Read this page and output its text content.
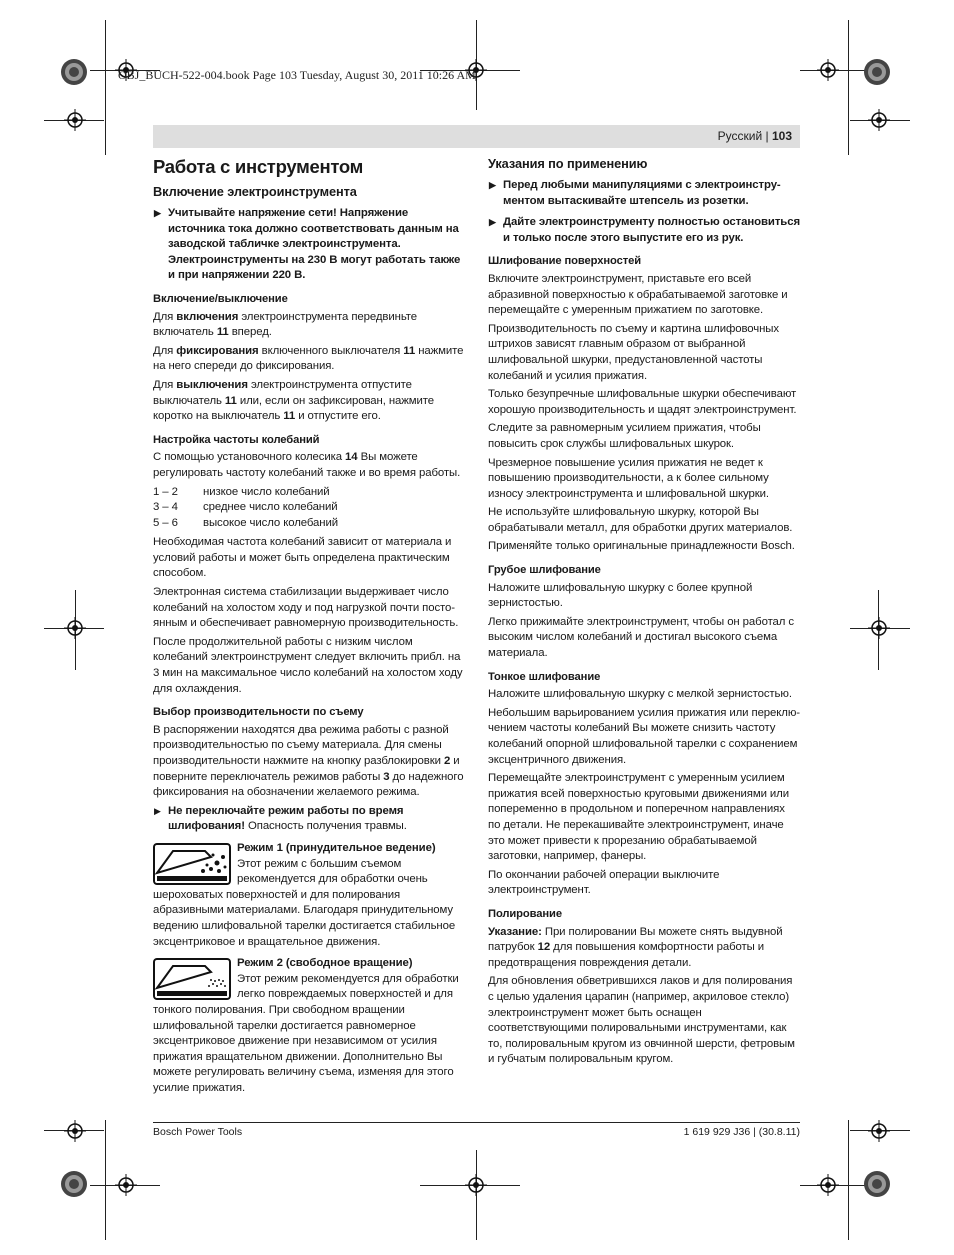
OBJ_BUCH-522-004.book Page 103 Tuesday, August 30, 2011 10:26 AM
Русский | 103
Работа с инструментом
Включение электроинструмента
▶ Учитывайте напряжение сети! Напряжение источника тока должно соответствовать данным на заводской табличке электроинструмента. Электроинструменты на 230 В могут работать также и при напряжении 220 В.
Включение/выключение

Для включения электроинструмента передвиньте включатель 11 вперед.

Для фиксирования включенного выключателя 11 нажмите на него спереди до фиксирования.

Для выключения электроинструмента отпустите выключатель 11 или, если он зафиксирован, нажмите коротко на выключатель 11 и отпустите его.

Настройка частоты колебаний

С помощью установочного колесика 14 Вы можете регулировать частоту колебаний также и во время работы.

1 – 2	низкое число колебаний
3 – 4	среднее число колебаний
5 – 6	высокое число колебаний

Необходимая частота колебаний зависит от материала и условий работы и может быть определена практическим способом.

Электронная система стабилизации выдерживает число колебаний на холостом ходу и под нагрузкой почти посто-янным и обеспечивает равномерную производительность.

После продолжительной работы с низким числом колебаний электроинструмент следует включить прибл. на 3 мин на максимальное число колебаний на холостом ходу для охлаждения.

Выбор производительности по съему

В распоряжении находятся два режима работы с разной производительностью по съему материала. Для смены производительности нажмите на кнопку разблокировки 2 и поверните переключатель режимов работы 3 до надежного фиксирования на обозначении желаемого режима.

▶ Не переключайте режим работы по время шлифования! Опасность получения травмы.
Режим 1 (принудительное ведение)
Этот режим с большим съемом рекомендуется для обработки очень шероховатых поверхностей и для полирования абразивными материалами. Благодаря принудительному ведению шлифовальной тарелки достигается стабильное эксцентриковое и вращательное движения.
Режим 2 (свободное вращение)
Этот режим рекомендуется для обработки легко повреждаемых поверхностей и для тонкого полирования. При свободном вращении шлифовальной тарелки достигается равномерное эксцентриковое движение при независимом от усилия прижатия вращательном движении. Дополнительно Вы можете регулировать величину съема, изменяя для этого усилие прижатия.
Указания по применению
▶ Перед любыми манипуляциями с электроинстру-ментом вытаскивайте штепсель из розетки.
▶ Дайте электроинструменту полностью остановиться и только после этого выпустите его из рук.
Шлифование поверхностей

Включите электроинструмент, приставьте его всей абразивной поверхностью к обрабатываемой заготовке и перемещайте с умеренным прижатием по заготовке.

Производительность по съему и картина шлифовочных штрихов зависят главным образом от выбранной шлифовальной шкурки, предустановленной частоты колебаний и усилия прижатия.

Только безупречные шлифовальные шкурки обеспечивают хорошую производительность и щадят электроинструмент.

Следите за равномерным усилием прижатия, чтобы повысить срок службы шлифовальных шкурок.

Чрезмерное повышение усилия прижатия не ведет к повышению производительности, а к более сильному износу электроинструмента и шлифовальной шкурки.

Не используйте шлифовальную шкурку, которой Вы обрабатывали металл, для обработки других материалов.

Применяйте только оригинальные принадлежности Bosch.

Грубое шлифование

Наложите шлифовальную шкурку с более крупной зернистостью.

Легко прижимайте электроинструмент, чтобы он работал с высоким числом колебаний и достигал высокого съема материала.

Тонкое шлифование

Наложите шлифовальную шкурку с мелкой зернистостью.

Небольшим варьированием усилия прижатия или переклю-чением частоты колебаний Вы можете снизить частоту колебаний опорной шлифовальной тарелки с сохранением эксцентричного движения.

Перемещайте электроинструмент с умеренным усилием прижатия всей поверхностью круговыми движениями или попеременно в продольном и поперечном направлениях по детали. Не перекашивайте электроинструмент, иначе это может привести к прорезанию обрабатываемой заготовки, например, фанеры.

По окончании рабочей операции выключите электроинструмент.

Полирование

Указание: При полировании Вы можете снять выдувной патрубок 12 для повышения комфортности работы и предотвращения повреждения детали.

Для обновления обветрившихся лаков и для полирования с целью удаления царапин (например, акриловое стекло) электроинструмент может быть оснащен соответствующими полировальными инструментами, как то, полировальным кругом из овчинной шерсти, фетровым и губчатым полировальным кругом.

Bosch Power Tools	1 619 929 J36 | (30.8.11)
